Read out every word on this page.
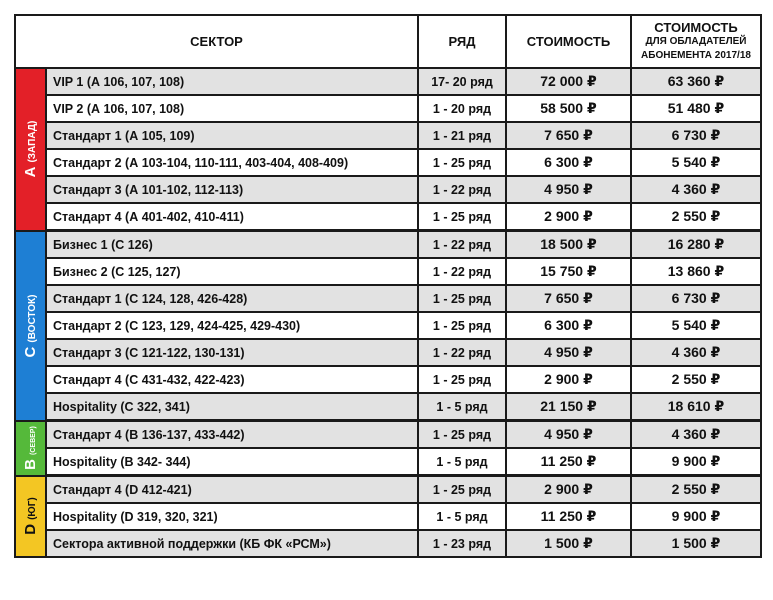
СЕКТОР		РЯД	СТОИМОСТЬ	СТОИМОСТЬ
ДЛЯ ОБЛАДАТЕЛЕЙ
АБОНЕМЕНТА 2017/18

А(ЗАПАД)	VIP 1 (А 106, 107, 108)	17- 20 ряд	72 000 ₽	63 360 ₽
	VIP 2 (А 106, 107, 108)	1 - 20 ряд	58 500 ₽	51 480 ₽
	Стандарт 1 (А 105, 109)	1 - 21 ряд	7 650 ₽	6 730 ₽
	Стандарт 2 (А 103-104, 110-111, 403-404, 408-409)	1 - 25 ряд	6 300 ₽	5 540 ₽
	Стандарт 3 (А 101-102, 112-113)	1 - 22 ряд	4 950 ₽	4 360 ₽
	Стандарт 4 (А 401-402, 410-411)	1 - 25 ряд	2 900 ₽	2 550 ₽

С(ВОСТОК)	Бизнес 1 (С 126)	1 - 22 ряд	18 500 ₽	16 280 ₽
	Бизнес 2 (С 125, 127)	1 - 22 ряд	15 750 ₽	13 860 ₽
	Стандарт 1 (С 124, 128, 426-428)	1 - 25 ряд	7 650 ₽	6 730 ₽
	Стандарт 2 (С 123, 129, 424-425, 429-430)	1 - 25 ряд	6 300 ₽	5 540 ₽
	Стандарт 3 (С 121-122, 130-131)	1 - 22 ряд	4 950 ₽	4 360 ₽
	Стандарт 4 (С 431-432, 422-423)	1 - 25 ряд	2 900 ₽	2 550 ₽
	Hospitality (С 322, 341)	1 - 5 ряд	21 150 ₽	18 610 ₽

В(СЕВЕР)	Стандарт 4 (В 136-137, 433-442)	1 - 25 ряд	4 950 ₽	4 360 ₽
	Hospitality (В 342- 344)	1 - 5 ряд	11 250 ₽	9 900 ₽

D(ЮГ)	Стандарт 4 (D 412-421)	1 - 25 ряд	2 900 ₽	2 550 ₽
	Hospitality (D 319, 320, 321)	1 - 5 ряд	11 250 ₽	9 900 ₽
	Сектора активной поддержки (КБ ФК «РСМ»)	1 - 23 ряд	1 500 ₽	1 500 ₽
